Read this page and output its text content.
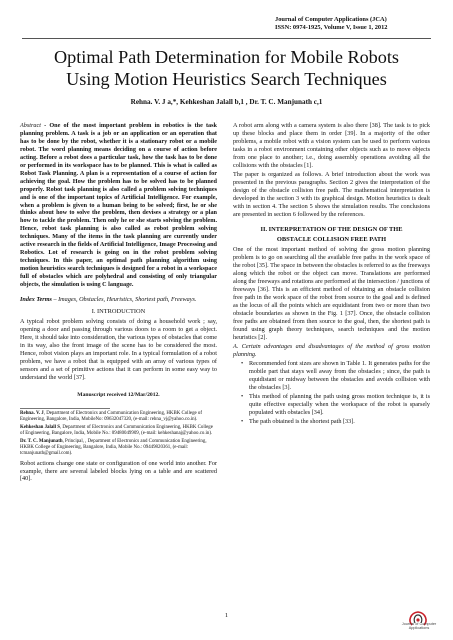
Journal of Computer Applications (JCA)
ISSN: 0974-1925, Volume V, Issue 1, 2012
Optimal Path Determination for Mobile Robots
Using Motion Heuristics Search Techniques
Rehna. V. J a,*, Kehkeshan Jalall b,1 , Dr. T. C. Manjunath c,1

Abstract - One of the most important problem in robotics is the task planning problem. A task is a job or an application or an operation that has to be done by the robot, whether it is a stationary robot or a mobile robot. The word planning means deciding on a course of action before acting. Before a robot does a particular task, how the task has to be done or performed in its workspace has to be planned. This is what is called as Robot Task Planning. A plan is a representation of a course of action for achieving the goal. How the problem has to be solved has to be planned properly. Robot task planning is also called a problem solving techniques and is one of the important topics of Artificial Intelligence. For example, when a problem is given to a human being to be solved; first, he or she thinks about how to solve the problem, then devises a strategy or a plan how to tackle the problem. Then only he or she starts solving the problem. Hence, robot task planning is also called as robot problem solving techniques. Many of the items in the task planning are currently under active research in the fields of Artificial Intelligence, Image Processing and Robotics. Lot of research is going on in the robot problem solving techniques. In this paper, an optimal path planning algorithm using motion heuristics search techniques is designed for a robot in a workspace full of obstacles which are polyhedral and consisting of only triangular objects, the simulation is using C language.

Index Terms – Images, Obstacles, Heuristics, Shortest path, Freeways.

I. INTRODUCTION

A typical robot problem solving consists of doing a household work ; say, opening a door and passing through various doors to a room to get a object. Here, it should take into consideration, the various types of obstacles that come in its way, also the front image of the scene has to be considered the most. Hence, robot vision plays an important role. In a typical formulation of a robot problem, we have a robot that is equipped with an array of various types of sensors and a set of primitive actions that it can perform in some easy way to understand the world [37].

Manuscript received 12/Mar/2012.
Rehna. V. J, Department of Electronics and Communication Engineering, HKBK College of Engineering, Bangalore, India, MobileNo: 09632047320, (e-mail: rehna_vj@yahoo.co.in).
Kehkeshan Jalall S, Department of Electronics and Communication Engineering, HKBK College of Engineering, Bangalore, India, Mobile No.: 09480049909, (e-mail: kehkeshanaj@yahoo.co.in).
Dr. T. C. Manjunath, Principal, , Department of Electronics and Communication Engineering, HKBK College of Engineering, Bangalore, India, Mobile No.: 09449820361, (e-mail: tcmanjunath@gmail.com).

Robot actions change one state or configuration of one world into another. For example, there are several labeled blocks lying on a table and are scattered [40].

A robot arm along with a camera system is also there [38]. The task is to pick up these blocks and place them in order [39]. In a majority of the other problems, a mobile robot with a vision system can be used to perform various tasks in a robot environment containing other objects such as to move objects from one place to another; i.e., doing assembly operations avoiding all the collisions with the obstacles [1].

The paper is organized as follows. A brief introduction about the work was presented in the previous paragraphs. Section 2 gives the interpretation of the design of the obstacle collision free path. The mathematical interpretation is developed in the section 3 with its graphical design. Motion heuristics is dealt with in section 4. The section 5 shows the simulation results. The conclusions are presented in section 6 followed by the references.

II. INTERPRETATION OF THE DESIGN OF THE
OBSTACLE COLLISION FREE PATH

One of the most important method of solving the gross motion planning problem is to go on searching all the available free paths in the work space of the robot [35]. The space in between the obstacles is referred to as the freeways along which the robot or the object can move. Translations are performed along the freeways and rotations are performed at the intersection / junctions of freeways [36]. This is an efficient method of obtaining an obstacle collision free path in the work space of the robot from source to the goal and is defined as the locus of all the points which are equidistant from two or more than two obstacle boundaries as shown in the Fig. 1 [37]. Once, the obstacle collision free paths are obtained from then source to the goal, then, the shortest path is found using graph theory techniques, search techniques and the motion heuristics [2].

A. Certain advantages and disadvantages of the method of gross motion planning.

• Recommended font sizes are shown in Table 1. It generates paths for the mobile part that stays well away from the obstacles ; since, the path is equidistant or midway between the obstacles and avoids collision with the obstacles [3].
• This method of planning the path using gross motion technique is, it is quite effective especially when the workspace of the robot is sparsely populated with obstacles [34].
• The path obtained is the shortest path [33].
1
Journal of Computer
Applications
